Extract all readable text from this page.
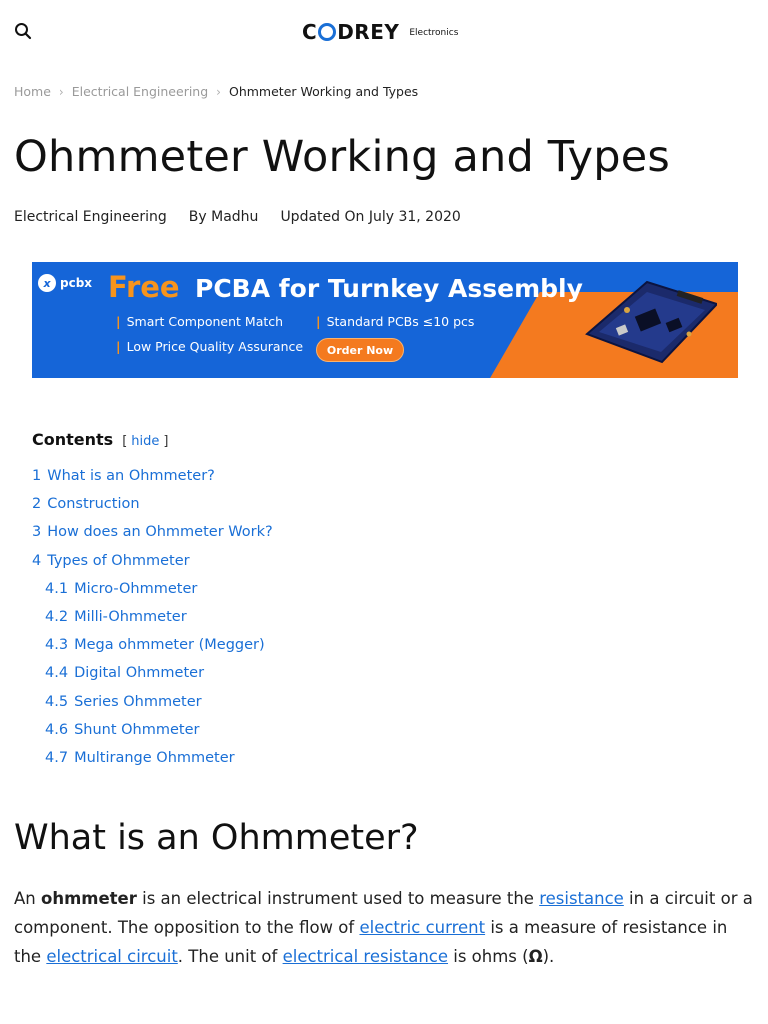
C DREY Electronics
Home › Electrical Engineering › Ohmmeter Working and Types
Ohmmeter Working and Types
Electrical Engineering By Madhu Updated On July 31, 2020
x pcbx Free PCBA for Turnkey Assembly
| Smart Component Match
| Low Price Quality Assurance
| Standard PCBs ≤10 pcs
Order Now
Contents [ hide ]
1 What is an Ohmmeter?
2 Construction
3 How does an Ohmmeter Work?
4 Types of Ohmmeter
4.1 Micro-Ohmmeter
4.2 Milli-Ohmmeter
4.3 Mega ohmmeter (Megger)
4.4 Digital Ohmmeter
4.5 Series Ohmmeter
4.6 Shunt Ohmmeter
4.7 Multirange Ohmmeter
What is an Ohmmeter?

An ohmmeter is an electrical instrument used to measure the resistance in a circuit or a component. The opposition to the flow of electric current is a measure of resistance in the electrical circuit. The unit of electrical resistance is ohms (Ω).
